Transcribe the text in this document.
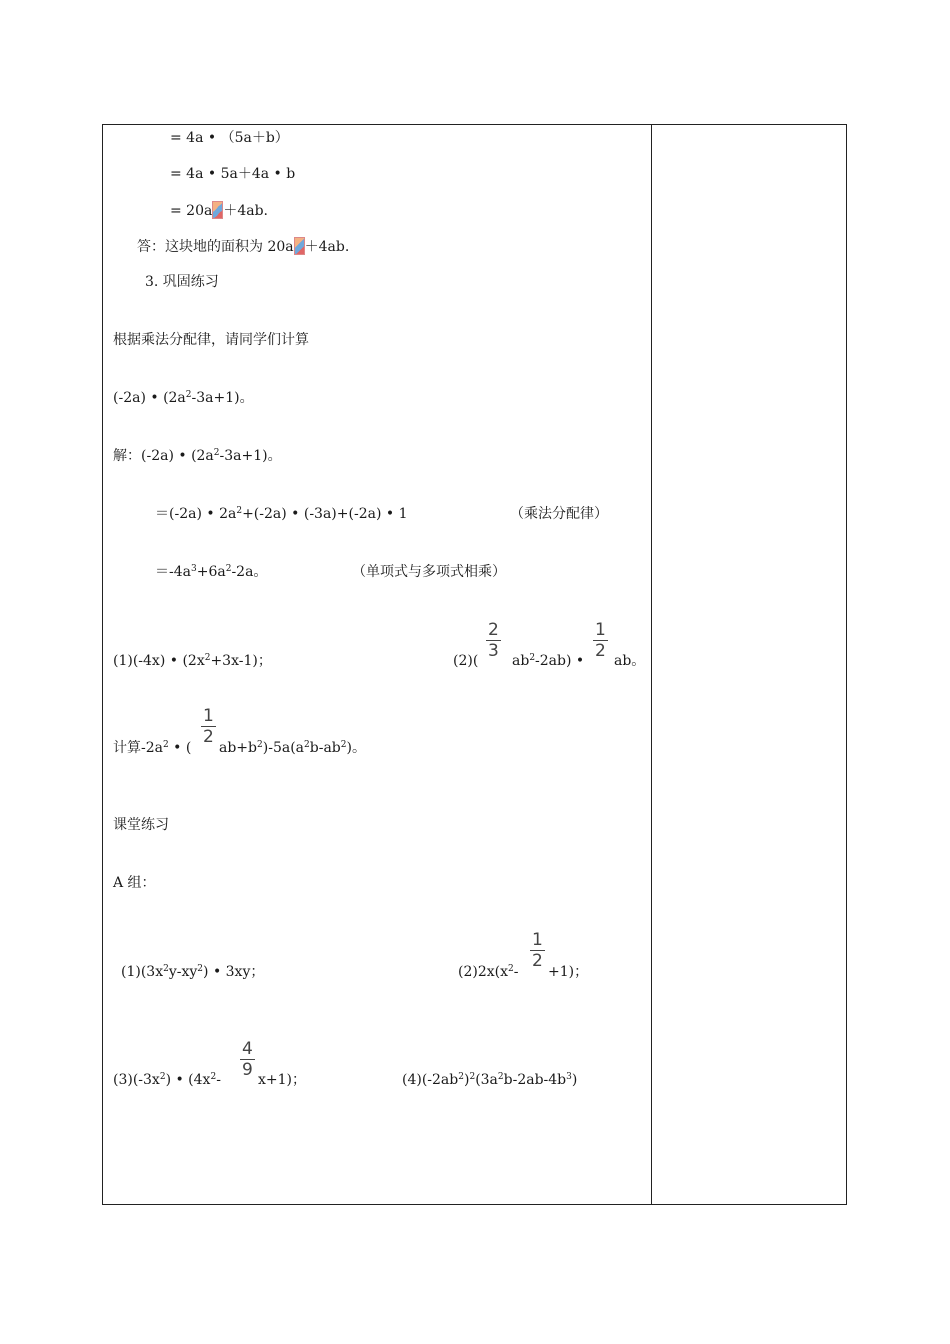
= 4a • （5a＋b）
= 4a • 5a＋4a • b
= 20a ＋4ab.
答：这块地的面积为 20a ＋4ab.
3. 巩固练习
根据乘法分配律，请同学们计算
(-2a) • $(2a^2-3a+1)$。
解：(-2a) • $(2a^2-3a+1)$。
＝(-2a) • $2a^2+(-2a)$ • (-3a)+(-2a) • 1	（乘法分配律）
$=-4a^3+6a^2-2a$。	（单项式与多项式相乘）
(1)(-4x) • $(2x^2+3x-1)$；	$(2)( \frac{2}{3} ab^2-2ab)$ • $\frac{1}{2}$ ab。
计算$-2a^2$ • (
$\frac{1}{2}$
$ab+b^2)-5a(a^2b-ab^2)$。
课堂练习
A 组：
$(1)(3x^2y-xy^2)$ • 3xy；	$(2)2x(x^2-$
$\frac{1}{2}$
+1)；
$(3)(-3x^2)$ • $(4x^2- \frac{4}{9} x+1)$；	$(4)(-2ab^2)^2(3a^2b-2ab-4b^3)$
